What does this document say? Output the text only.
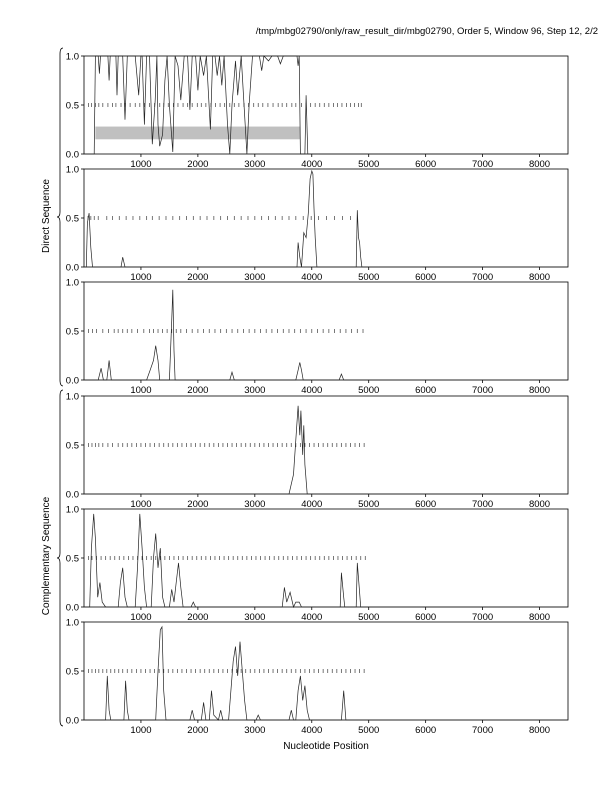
/tmp/mbg02790/only/raw_result_dir/mbg02790, Order 5, Window 96, Step 12, 2/2
Direct Sequence
Complementary Sequence
0.0
0.5
1.0
1000	2000	3000	4000	5000	6000	7000	8000
0.0
0.5
1.0
1000	2000	3000	4000	5000	6000	7000	8000
0.0
0.5
1.0
1000	2000	3000	4000	5000	6000	7000	8000
0.0
0.5
1.0
1000	2000	3000	4000	5000	6000	7000	8000
0.0
0.5
1.0
1000	2000	3000	4000	5000	6000	7000	8000
0.0
0.5
1.0
1000	2000	3000	4000	5000	6000	7000	8000
Nucleotide Position
